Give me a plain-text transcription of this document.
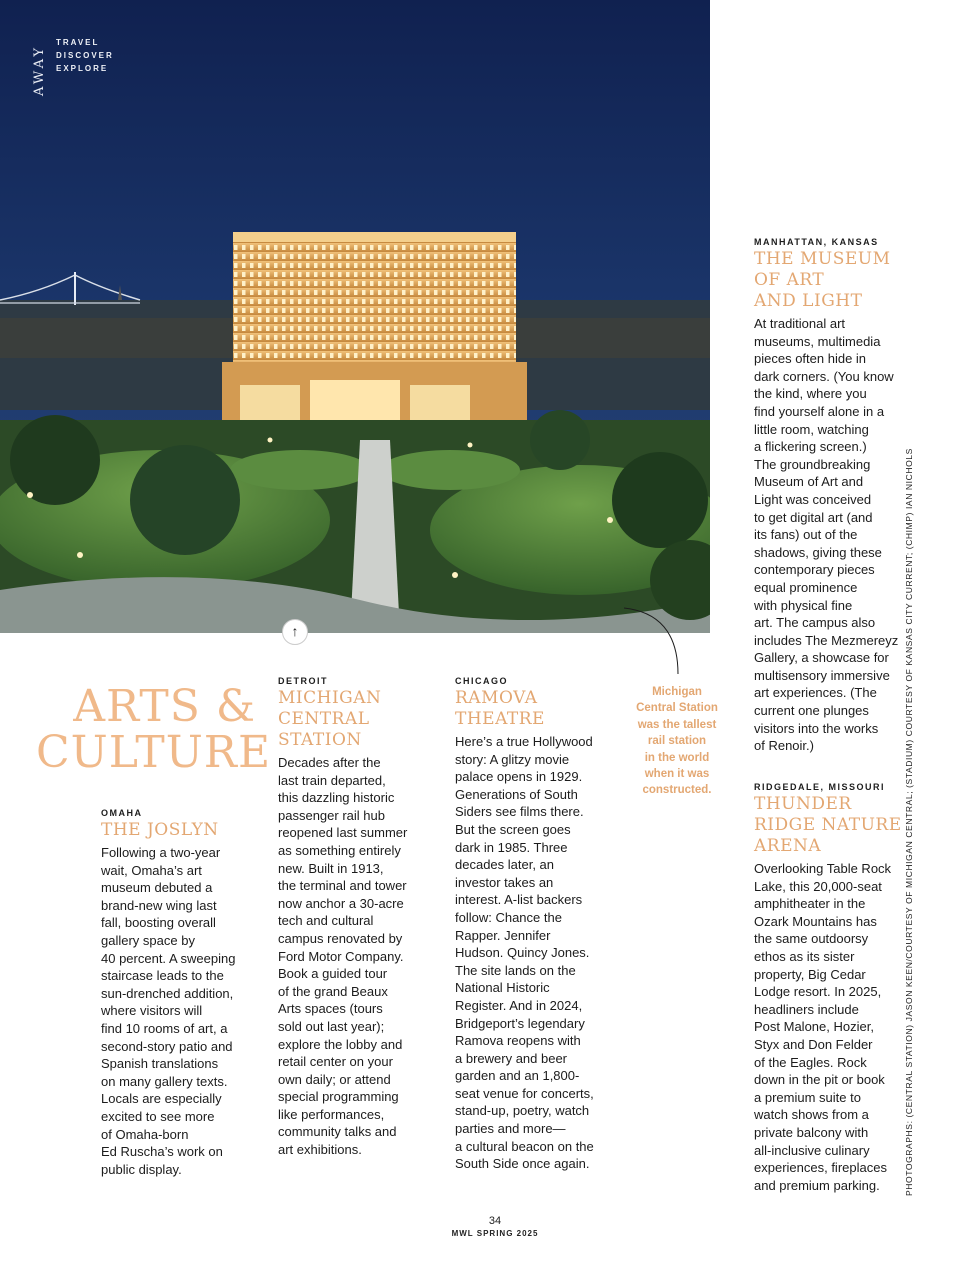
AWAY
TRAVEL
DISCOVER
EXPLORE
↑
ARTS &
CULTURE
OMAHA
THE JOSLYN
Following a two-year
wait, Omaha’s art
museum debuted a
brand-new wing last
fall, boosting overall
gallery space by
40 percent. A sweeping
staircase leads to the
sun-drenched addition,
where visitors will
find 10 rooms of art, a
second-story patio and
Spanish translations
on many gallery texts.
Locals are especially
excited to see more
of Omaha-born
Ed Ruscha’s work on
public display.
DETROIT
MICHIGAN
CENTRAL
STATION
Decades after the
last train departed,
this dazzling historic
passenger rail hub
reopened last summer
as something entirely
new. Built in 1913,
the terminal and tower
now anchor a 30-acre
tech and cultural
campus renovated by
Ford Motor Company.
Book a guided tour
of the grand Beaux
Arts spaces (tours
sold out last year);
explore the lobby and
retail center on your
own daily; or attend
special programming
like performances,
community talks and
art exhibitions.
CHICAGO
RAMOVA
THEATRE
Here’s a true Hollywood
story: A glitzy movie
palace opens in 1929.
Generations of South
Siders see films there.
But the screen goes
dark in 1985. Three
decades later, an
investor takes an
interest. A-list backers
follow: Chance the
Rapper. Jennifer
Hudson. Quincy Jones.
The site lands on the
National Historic
Register. And in 2024,
Bridgeport’s legendary
Ramova reopens with
a brewery and beer
garden and an 1,800-
seat venue for concerts,
stand-up, poetry, watch
parties and more—
a cultural beacon on the
South Side once again.
Michigan
Central Station
was the tallest
rail station
in the world
when it was
constructed.
MANHATTAN, KANSAS
THE MUSEUM
OF ART
AND LIGHT
At traditional art
museums, multimedia
pieces often hide in
dark corners. (You know
the kind, where you
find yourself alone in a
little room, watching
a flickering screen.)
The groundbreaking
Museum of Art and
Light was conceived
to get digital art (and
its fans) out of the
shadows, giving these
contemporary pieces
equal prominence
with physical fine
art. The campus also
includes The Mezmereyz
Gallery, a showcase for
multisensory immersive
art experiences. (The
current one plunges
visitors into the works
of Renoir.)
RIDGEDALE, MISSOURI
THUNDER
RIDGE NATURE
ARENA
Overlooking Table Rock
Lake, this 20,000-seat
amphitheater in the
Ozark Mountains has
the same outdoorsy
ethos as its sister
property, Big Cedar
Lodge resort. In 2025,
headliners include
Post Malone, Hozier,
Styx and Don Felder
of the Eagles. Rock
down in the pit or book
a premium suite to
watch shows from a
private balcony with
all-inclusive culinary
experiences, fireplaces
and premium parking.	PHOTOGRAPHS: (CENTRAL STATION) JASON KEEN/COURTESY OF MICHIGAN CENTRAL; (STADIUM) COURTESY OF KANSAS CITY CURRENT; (CHIMP) IAN NICHOLS
34
MWL SPRING 2025
